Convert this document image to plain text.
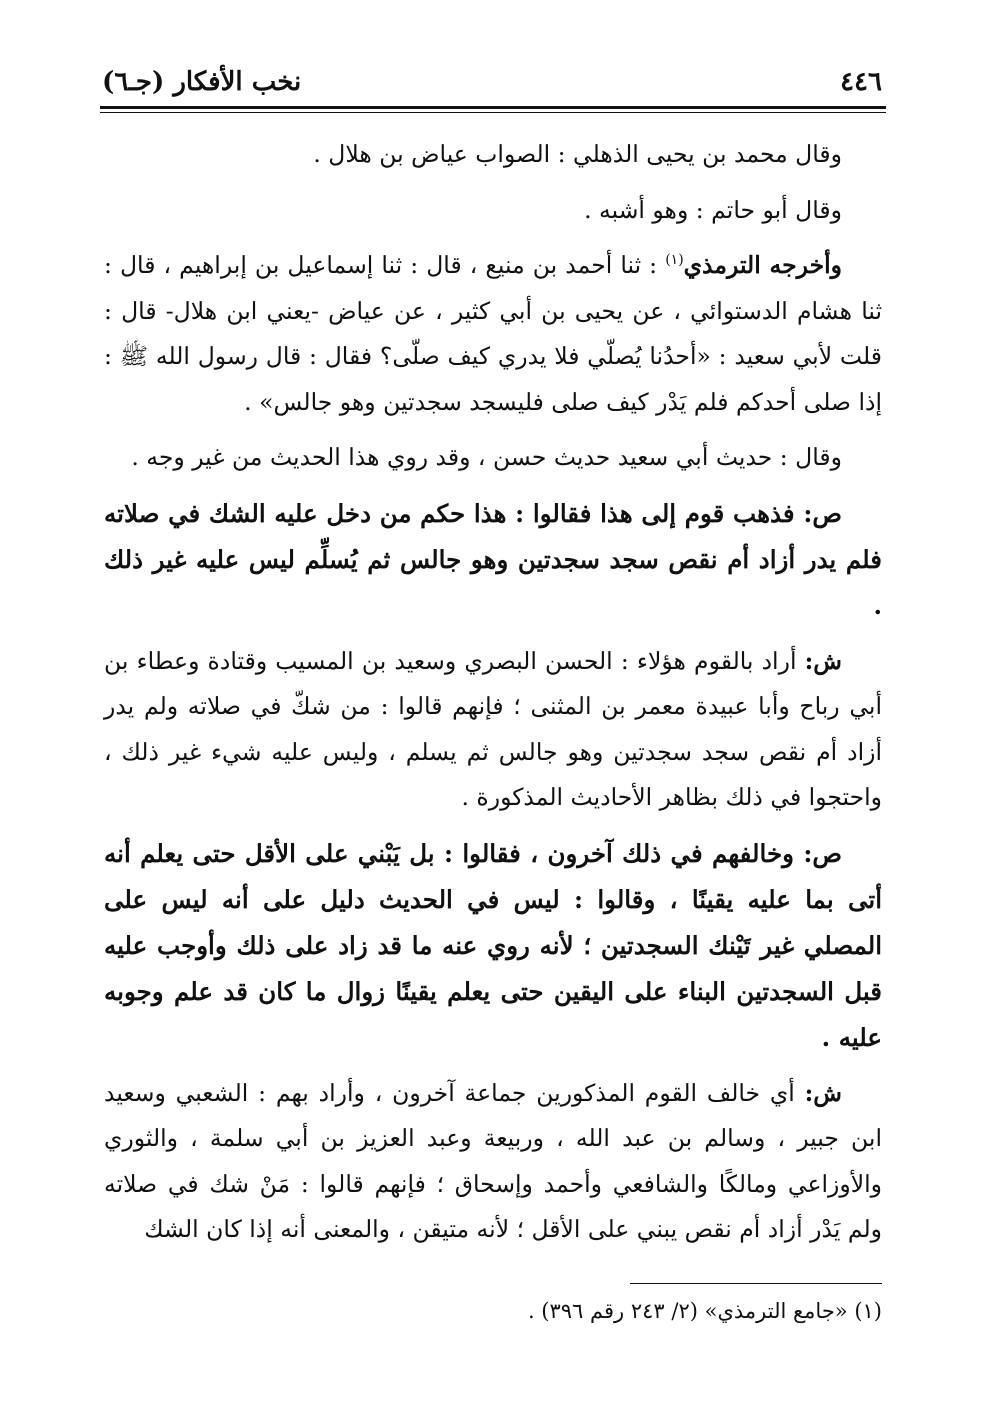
٤٤٦
نخب الأفكار (جـ٦)

وقال محمد بن يحيى الذهلي : الصواب عياض بن هلال .

وقال أبو حاتم : وهو أشبه .

وأخرجه الترمذي$^{(١)}$ : ثنا أحمد بن منيع ، قال : ثنا إسماعيل بن إبراهيم ، قال : ثنا هشام الدستوائي ، عن يحيى بن أبي كثير ، عن عياض -يعني ابن هلال- قال : قلت لأبي سعيد : «أحدُنا يُصلّي فلا يدري كيف صلّى؟ فقال : قال رسول الله ﷺ : إذا صلى أحدكم فلم يَدْر كيف صلى فليسجد سجدتين وهو جالس» .

وقال : حديث أبي سعيد حديث حسن ، وقد روي هذا الحديث من غير وجه .

ص: فذهب قوم إلى هذا فقالوا : هذا حكم من دخل عليه الشك في صلاته فلم يدر أزاد أم نقص سجد سجدتين وهو جالس ثم يُسلِّم ليس عليه غير ذلك .

ش: أراد بالقوم هؤلاء : الحسن البصري وسعيد بن المسيب وقتادة وعطاء بن أبي رباح وأبا عبيدة معمر بن المثنى ؛ فإنهم قالوا : من شكّ في صلاته ولم يدر أزاد أم نقص سجد سجدتين وهو جالس ثم يسلم ، وليس عليه شيء غير ذلك ، واحتجوا في ذلك بظاهر الأحاديث المذكورة .

ص: وخالفهم في ذلك آخرون ، فقالوا : بل يَبْني على الأقل حتى يعلم أنه أتى بما عليه يقينًا ، وقالوا : ليس في الحديث دليل على أنه ليس على المصلي غير تَيْنك السجدتين ؛ لأنه روي عنه ما قد زاد على ذلك وأوجب عليه قبل السجدتين البناء على اليقين حتى يعلم يقينًا زوال ما كان قد علم وجوبه عليه .

ش: أي خالف القوم المذكورين جماعة آخرون ، وأراد بهم : الشعبي وسعيد ابن جبير ، وسالم بن عبد الله ، وربيعة وعبد العزيز بن أبي سلمة ، والثوري والأوزاعي ومالكًا والشافعي وأحمد وإسحاق ؛ فإنهم قالوا : مَنْ شك في صلاته ولم يَدْر أزاد أم نقص يبني على الأقل ؛ لأنه متيقن ، والمعنى أنه إذا كان الشك

(١) «جامع الترمذي» (٢/ ٢٤٣ رقم ٣٩٦) .
